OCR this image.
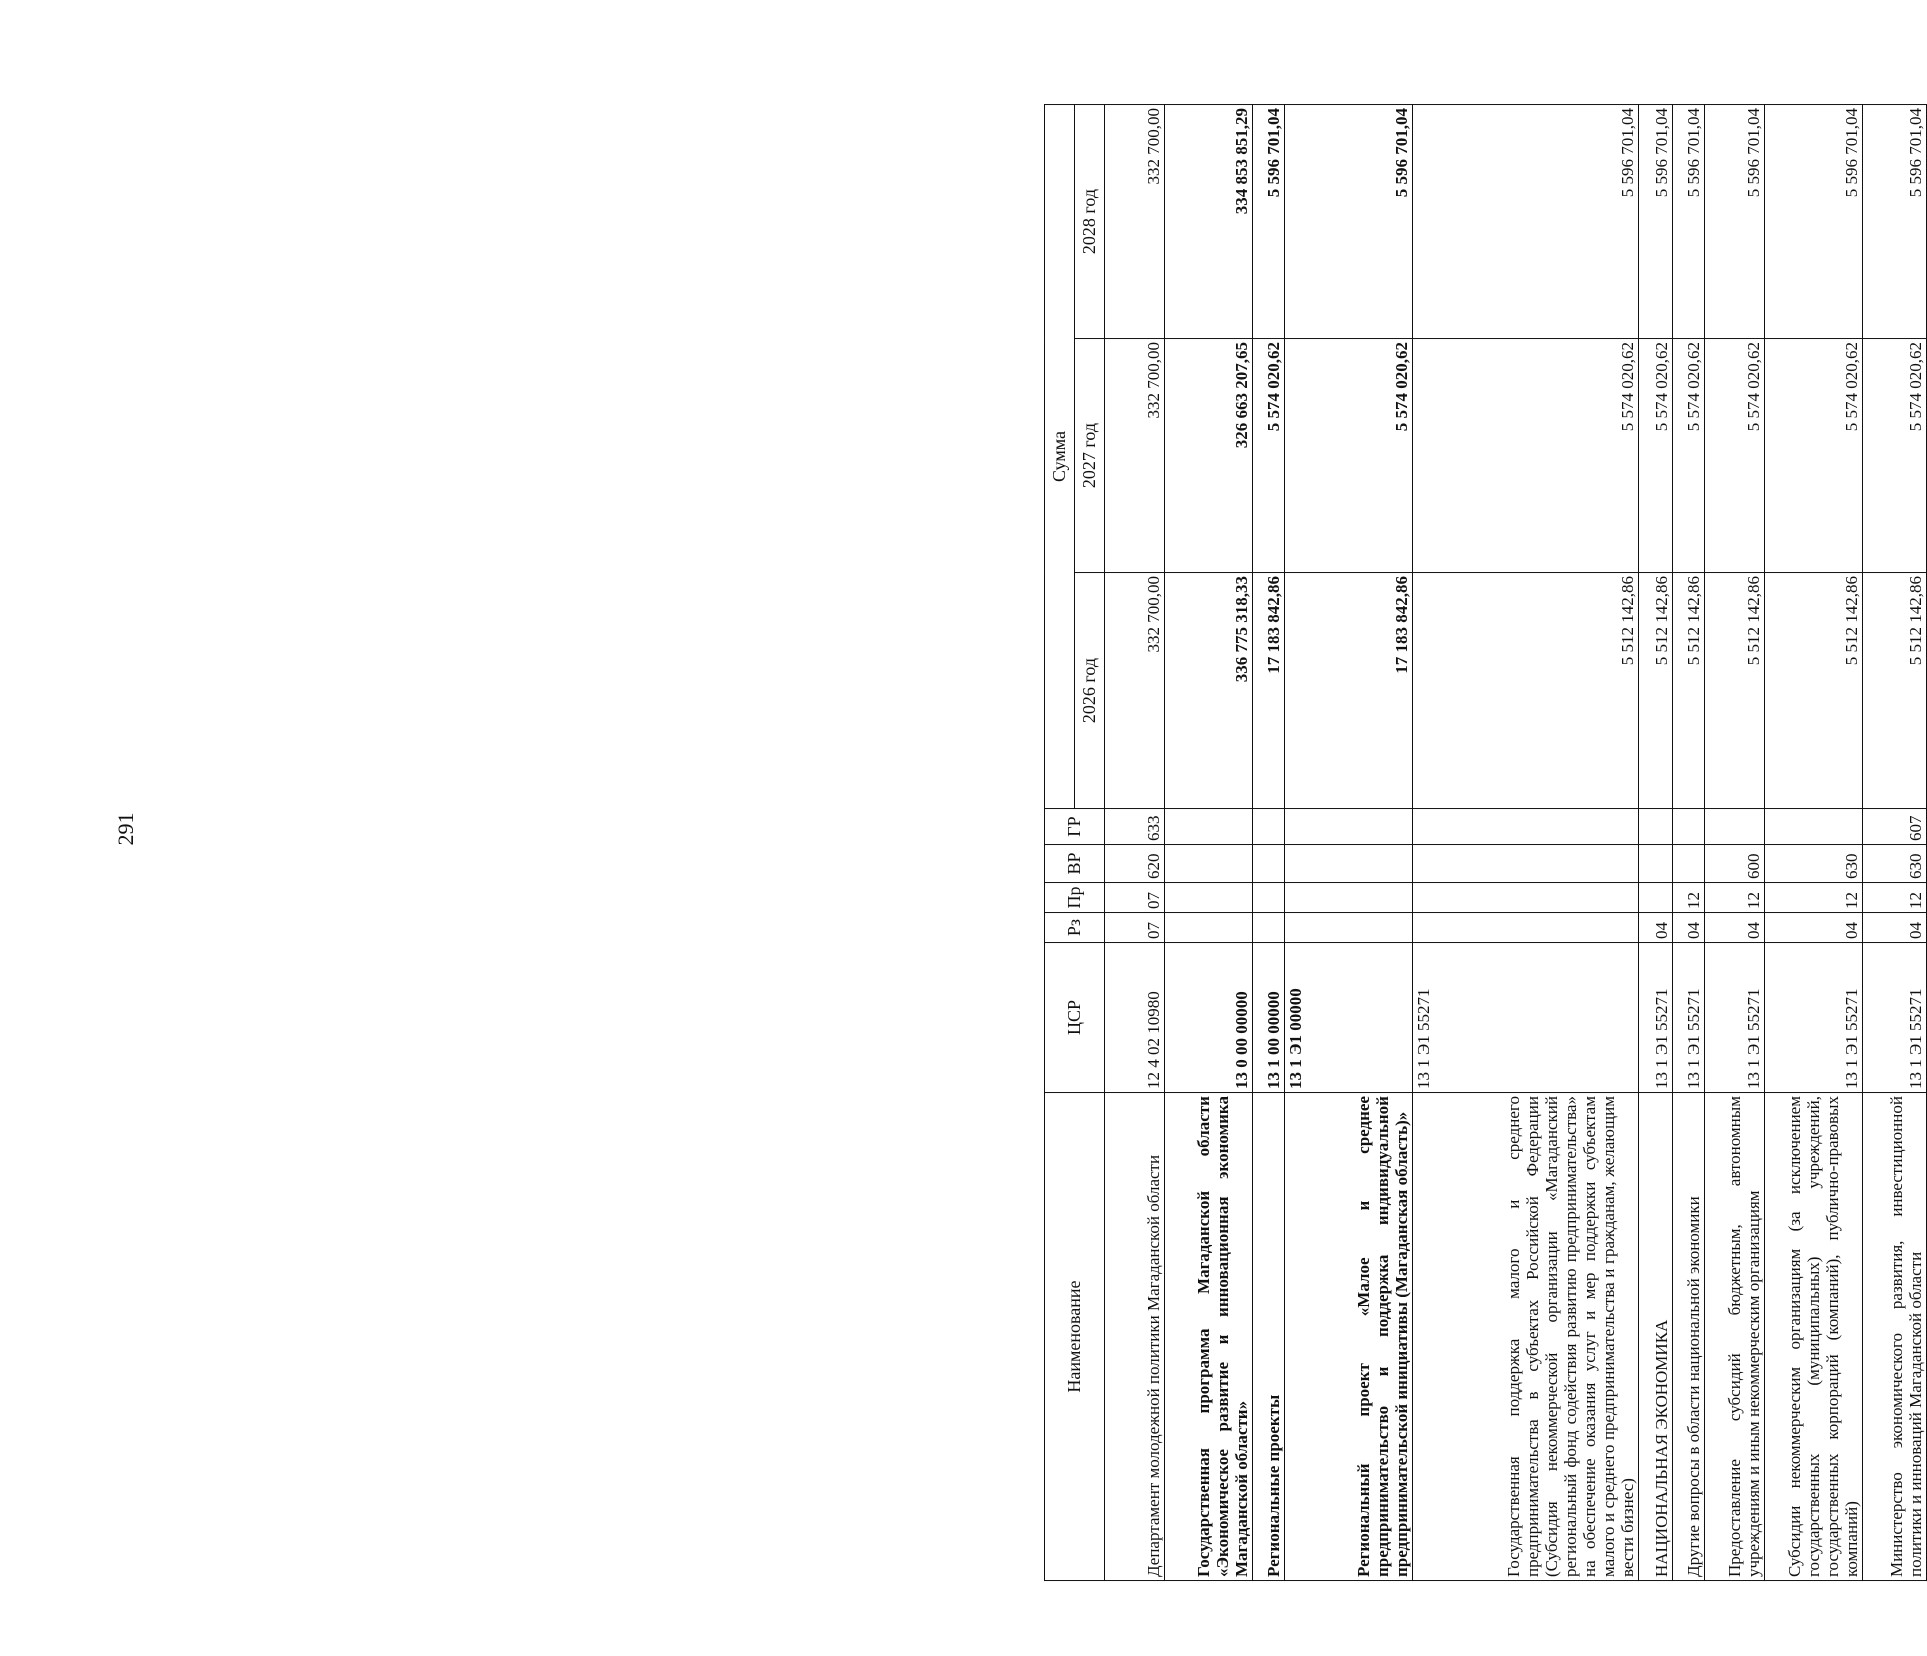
291
Наименование	ЦСР	Рз	Пр	ВР	ГР	Сумма		
						2026 год	2027 год	2028 год
Департамент молодежной политики Магаданской области	12 4 02 10980	07	07	620	633	332 700,00	332 700,00	332 700,00
Государственная программа Магаданской области «Экономическое развитие и инновационная экономика Магаданской области»	13 0 00 00000					336 775 318,33	326 663 207,65	334 853 851,29
Региональные проекты	13 1 00 00000					17 183 842,86	5 574 020,62	5 596 701,04
Региональный проект «Малое и среднее предпринимательство и поддержка индивидуальной предпринимательской инициативы (Магаданская область)»	13 1 Э1 00000					17 183 842,86	5 574 020,62	5 596 701,04
Государственная поддержка малого и среднего предпринимательства в субъектах Российской Федерации (Субсидия некоммерческой организации «Магаданский региональный фонд содействия развитию предпринимательства» на обеспечение оказания услуг и мер поддержки субъектам малого и среднего предпринимательства и гражданам, желающим вести бизнес)	13 1 Э1 55271					5 512 142,86	5 574 020,62	5 596 701,04
НАЦИОНАЛЬНАЯ ЭКОНОМИКА	13 1 Э1 55271	04				5 512 142,86	5 574 020,62	5 596 701,04
Другие вопросы в области национальной экономики	13 1 Э1 55271	04	12			5 512 142,86	5 574 020,62	5 596 701,04
Предоставление субсидий бюджетным, автономным учреждениям и иным некоммерческим организациям	13 1 Э1 55271	04	12	600		5 512 142,86	5 574 020,62	5 596 701,04
Субсидии некоммерческим организациям (за исключением государственных (муниципальных) учреждений, государственных корпораций (компаний), публично-правовых компаний)	13 1 Э1 55271	04	12	630		5 512 142,86	5 574 020,62	5 596 701,04
Министерство экономического развития, инвестиционной политики и инноваций Магаданской области	13 1 Э1 55271	04	12	630	607	5 512 142,86	5 574 020,62	5 596 701,04
